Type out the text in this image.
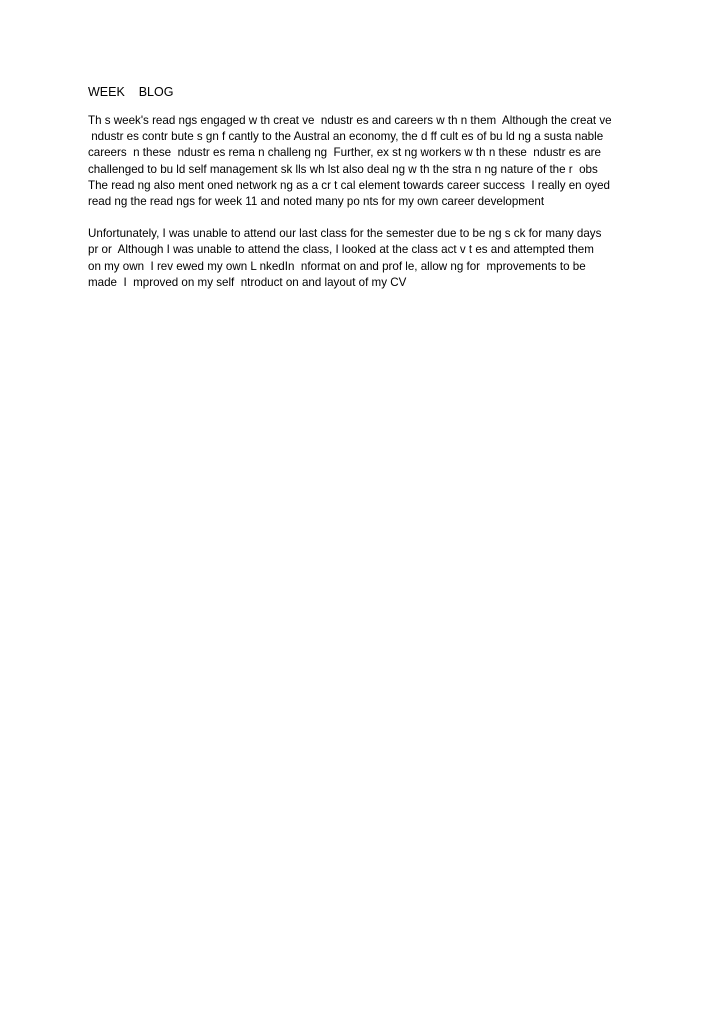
WEEK    BLOG

Th s week's read ngs engaged w th creat ve  ndustr es and careers w th n them  Although the creat ve
ndustr es contr bute s gn f cantly to the Austral an economy, the d ff cult es of bu ld ng a susta nable
careers  n these  ndustr es rema n challeng ng  Further, ex st ng workers w th n these  ndustr es are
challenged to bu ld self management sk lls wh lst also deal ng w th the stra n ng nature of the r  obs
The read ng also ment oned network ng as a cr t cal element towards career success  I really en oyed
read ng the read ngs for week 11 and noted many po nts for my own career development

Unfortunately, I was unable to attend our last class for the semester due to be ng s ck for many days
pr or  Although I was unable to attend the class, I looked at the class act v t es and attempted them
on my own  I rev ewed my own L nkedIn  nformat on and prof le, allow ng for  mprovements to be
made  I  mproved on my self  ntroduct on and layout of my CV
